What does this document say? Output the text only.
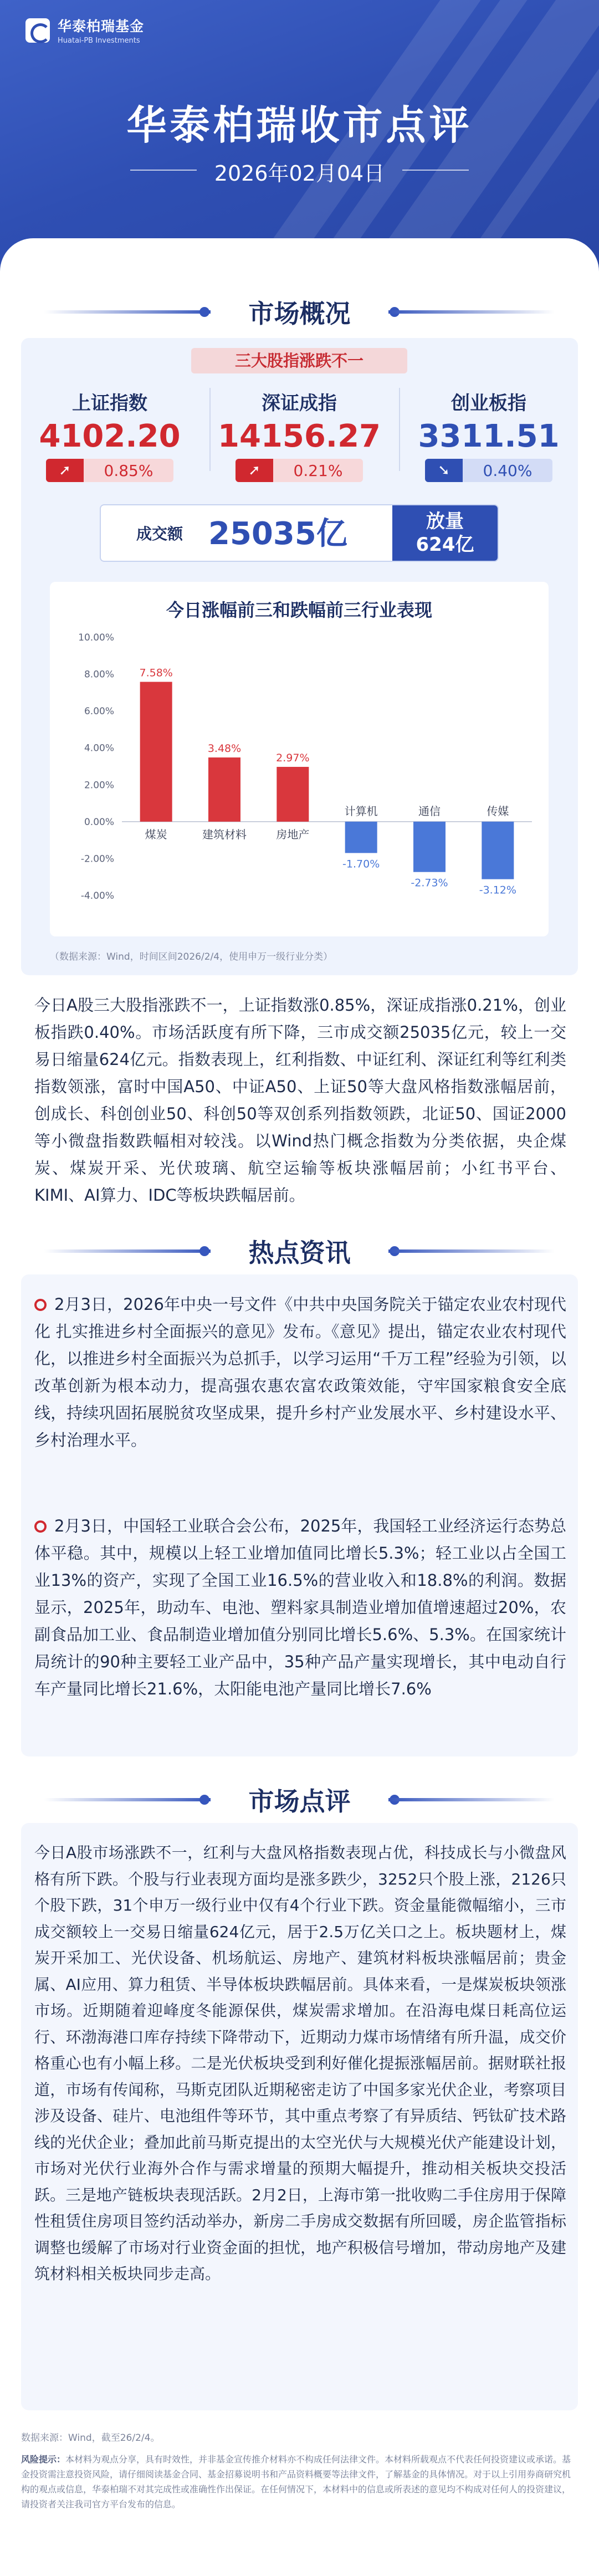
华泰柏瑞基金
Huatai-PB Investments
华泰柏瑞收市点评
2026年02月04日
市场概况
三大股指涨跌不一
上证指数
4102.20
➚	0.85%
深证成指
14156.27
➚	0.21%
创业板指
3311.51
➘	0.40%
成交额 25035亿	放量
624亿
今日涨幅前三和跌幅前三行业表现
10.00%
8.00%
6.00%
4.00%
2.00%
0.00%
-2.00%
-4.00%
7.58%
煤炭
3.48%
建筑材料
2.97%
房地产
-1.70%
计算机
-2.73%
通信
-3.12%
传媒
（数据来源：Wind，时间区间2026/2/4，使用申万一级行业分类）

今日A股三大股指涨跌不一，上证指数涨0.85%，深证成指涨0.21%，创业板指跌0.40%。市场活跃度有所下降，三市成交额25035亿元，较上一交易日缩量624亿元。指数表现上，红利指数、中证红利、深证红利等红利类指数领涨，富时中国A50、中证A50、上证50等大盘风格指数涨幅居前，创成长、科创创业50、科创50等双创系列指数领跌，北证50、国证2000等小微盘指数跌幅相对较浅。以Wind热门概念指数为分类依据，央企煤炭、煤炭开采、光伏玻璃、航空运输等板块涨幅居前；小红书平台、KIMI、AI算力、IDC等板块跌幅居前。

热点资讯
2月3日，2026年中央一号文件《中共中央国务院关于锚定农业农村现代化 扎实推进乡村全面振兴的意见》发布。《意见》提出，锚定农业农村现代化，以推进乡村全面振兴为总抓手，以学习运用“千万工程”经验为引领，以改革创新为根本动力，提高强农惠农富农政策效能，守牢国家粮食安全底线，持续巩固拓展脱贫攻坚成果，提升乡村产业发展水平、乡村建设水平、乡村治理水平。
2月3日，中国轻工业联合会公布，2025年，我国轻工业经济运行态势总体平稳。其中，规模以上轻工业增加值同比增长5.3%；轻工业以占全国工业13%的资产，实现了全国工业16.5%的营业收入和18.8%的利润。数据显示，2025年，助动车、电池、塑料家具制造业增加值增速超过20%，农副食品加工业、食品制造业增加值分别同比增长5.6%、5.3%。在国家统计局统计的90种主要轻工业产品中，35种产品产量实现增长，其中电动自行车产量同比增长21.6%，太阳能电池产量同比增长7.6%
市场点评

今日A股市场涨跌不一，红利与大盘风格指数表现占优，科技成长与小微盘风格有所下跌。个股与行业表现方面均是涨多跌少，3252只个股上涨，2126只个股下跌，31个申万一级行业中仅有4个行业下跌。资金量能微幅缩小，三市成交额较上一交易日缩量624亿元，居于2.5万亿关口之上。板块题材上，煤炭开采加工、光伏设备、机场航运、房地产、建筑材料板块涨幅居前；贵金属、AI应用、算力租赁、半导体板块跌幅居前。具体来看，一是煤炭板块领涨市场。近期随着迎峰度冬能源保供，煤炭需求增加。在沿海电煤日耗高位运行、环渤海港口库存持续下降带动下，近期动力煤市场情绪有所升温，成交价格重心也有小幅上移。二是光伏板块受到利好催化提振涨幅居前。据财联社报道，市场有传闻称，马斯克团队近期秘密走访了中国多家光伏企业，考察项目涉及设备、硅片、电池组件等环节，其中重点考察了有异质结、钙钛矿技术路线的光伏企业；叠加此前马斯克提出的太空光伏与大规模光伏产能建设计划，市场对光伏行业海外合作与需求增量的预期大幅提升，推动相关板块交投活跃。三是地产链板块表现活跃。2月2日，上海市第一批收购二手住房用于保障性租赁住房项目签约活动举办，新房二手房成交数据有所回暖，房企监管指标调整也缓解了市场对行业资金面的担忧，地产积极信号增加，带动房地产及建筑材料相关板块同步走高。

数据来源：Wind，截至26/2/4。
风险提示：本材料为观点分享，具有时效性，并非基金宣传推介材料亦不构成任何法律文件。本材料所载观点不代表任何投资建议或承诺。基金投资需注意投资风险，请仔细阅读基金合同、基金招募说明书和产品资料概要等法律文件，了解基金的具体情况。对于以上引用券商研究机构的观点或信息，华泰柏瑞不对其完成性或准确性作出保证。在任何情况下，本材料中的信息或所表述的意见均不构成对任何人的投资建议，请投资者关注我司官方平台发布的信息。
